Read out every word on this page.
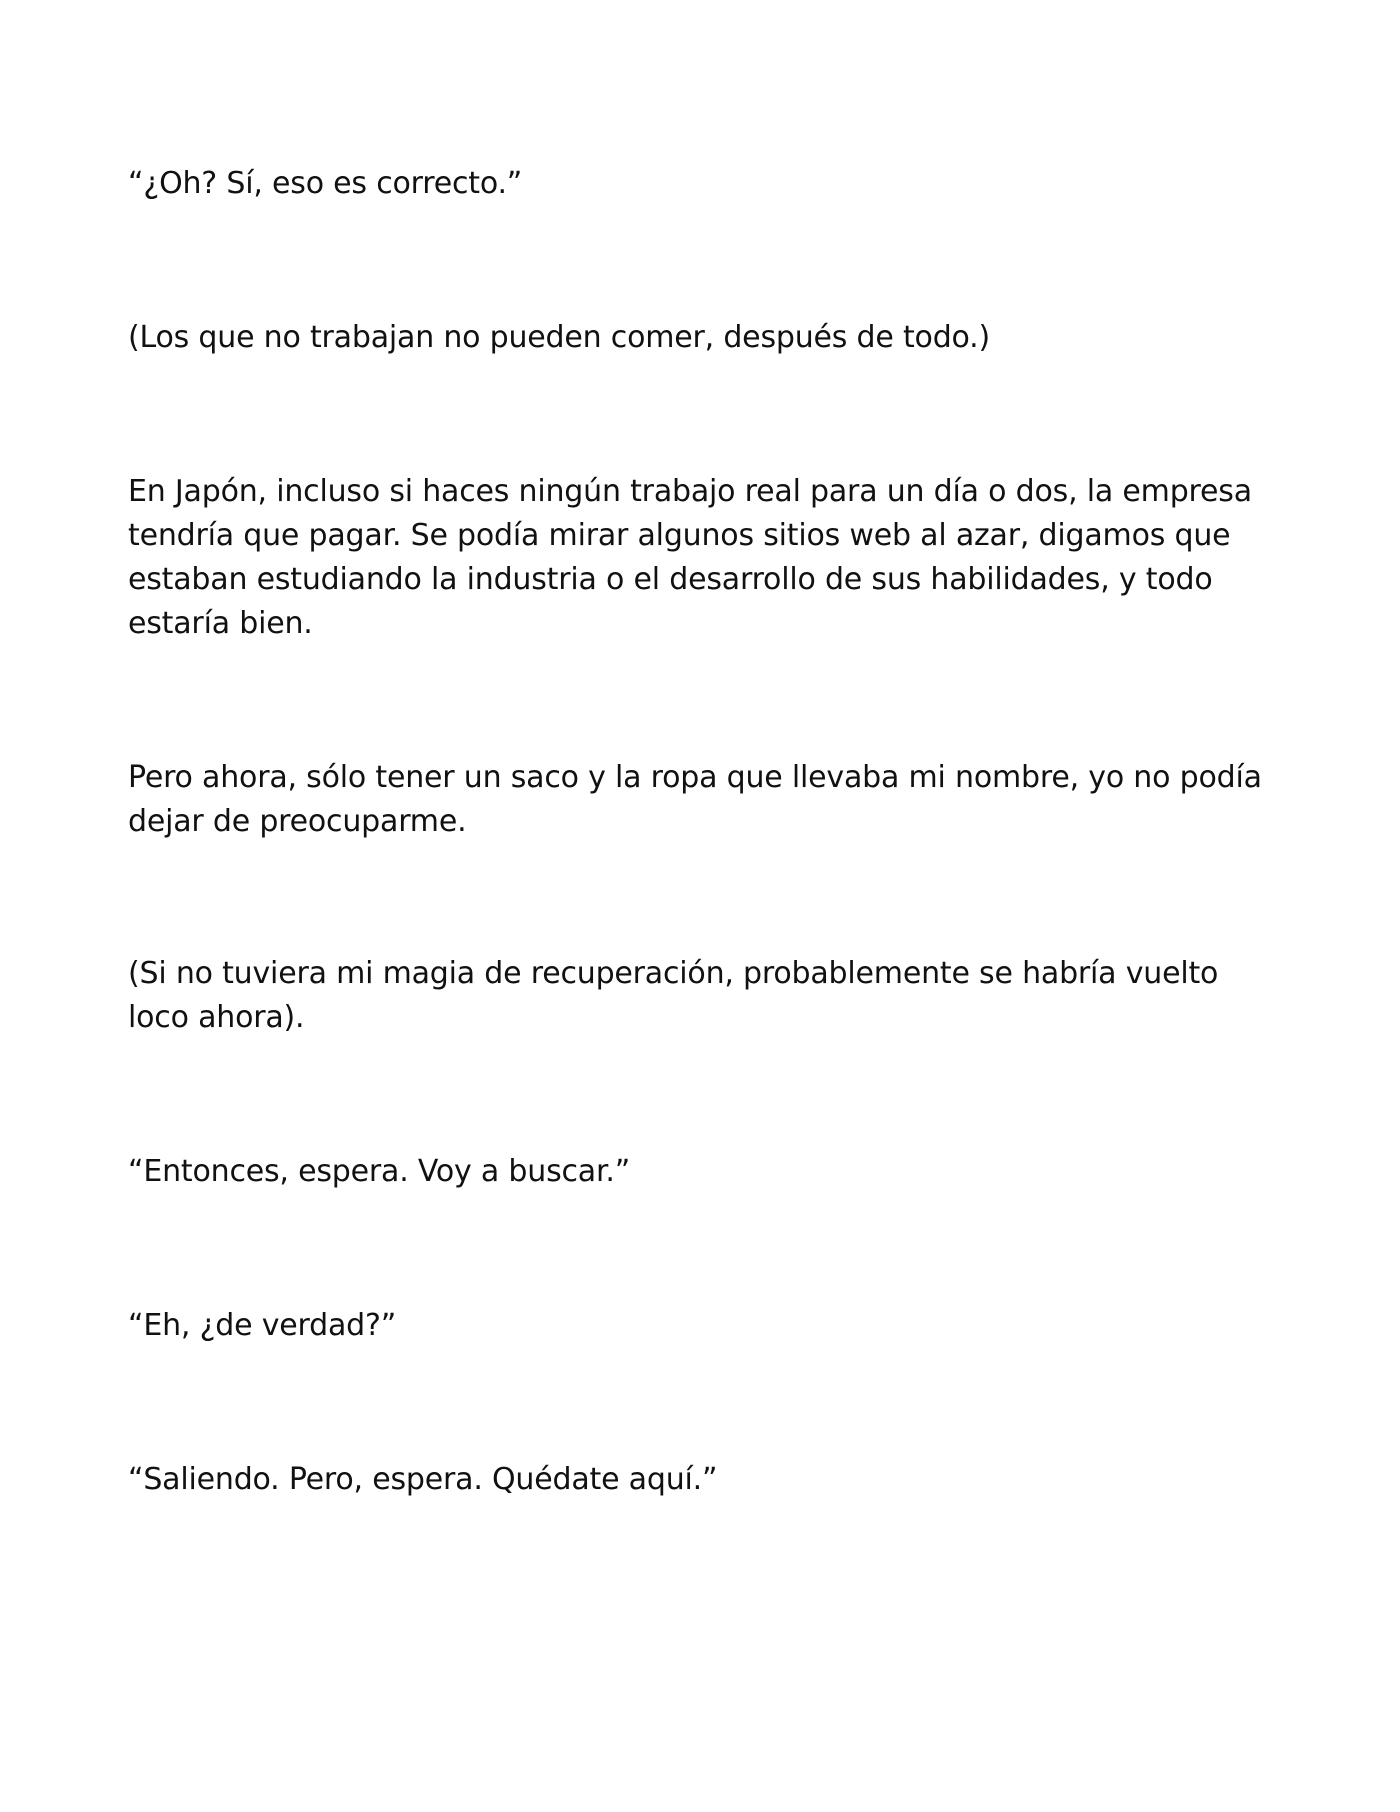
“¿Oh? Sí, eso es correcto.”

(Los que no trabajan no pueden comer, después de todo.)

En Japón, incluso si haces ningún trabajo real para un día o dos, la empresa tendría que pagar. Se podía mirar algunos sitios web al azar, digamos que estaban estudiando la industria o el desarrollo de sus habilidades, y todo estaría bien.

Pero ahora, sólo tener un saco y la ropa que llevaba mi nombre, yo no podía dejar de preocuparme.

(Si no tuviera mi magia de recuperación, probablemente se habría vuelto loco ahora).

“Entonces, espera. Voy a buscar.”

“Eh, ¿de verdad?”

“Saliendo. Pero, espera. Quédate aquí.”
